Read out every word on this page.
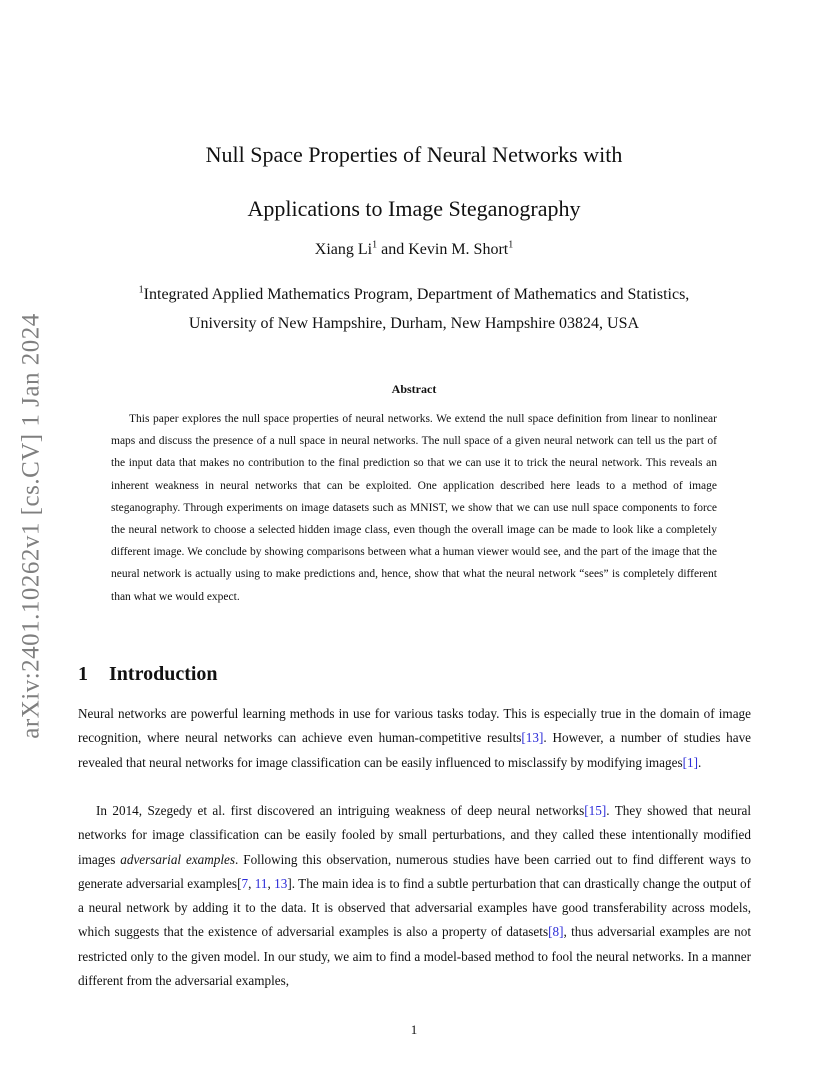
arXiv:2401.10262v1 [cs.CV] 1 Jan 2024
Null Space Properties of Neural Networks with
Applications to Image Steganography
Xiang Li$^1$ and Kevin M. Short$^1$
$^1$Integrated Applied Mathematics Program, Department of Mathematics and Statistics,
University of New Hampshire, Durham, New Hampshire 03824, USA
Abstract
This paper explores the null space properties of neural networks. We extend the null space definition from linear to nonlinear maps and discuss the presence of a null space in neural networks. The null space of a given neural network can tell us the part of the input data that makes no contribution to the final prediction so that we can use it to trick the neural network. This reveals an inherent weakness in neural networks that can be exploited. One application described here leads to a method of image steganography. Through experiments on image datasets such as MNIST, we show that we can use null space components to force the neural network to choose a selected hidden image class, even though the overall image can be made to look like a completely different image. We conclude by showing comparisons between what a human viewer would see, and the part of the image that the neural network is actually using to make predictions and, hence, show that what the neural network “sees” is completely different than what we would expect.
1 Introduction
Neural networks are powerful learning methods in use for various tasks today. This is especially true in the domain of image recognition, where neural networks can achieve even human-competitive results[13]. However, a number of studies have revealed that neural networks for image classification can be easily influenced to misclassify by modifying images[1].
In 2014, Szegedy et al. first discovered an intriguing weakness of deep neural networks[15]. They showed that neural networks for image classification can be easily fooled by small perturbations, and they called these intentionally modified images adversarial examples. Following this observation, numerous studies have been carried out to find different ways to generate adversarial examples[7, 11, 13]. The main idea is to find a subtle perturbation that can drastically change the output of a neural network by adding it to the data. It is observed that adversarial examples have good transferability across models, which suggests that the existence of adversarial examples is also a property of datasets[8], thus adversarial examples are not restricted only to the given model. In our study, we aim to find a model-based method to fool the neural networks. In a manner different from the adversarial examples,
1
